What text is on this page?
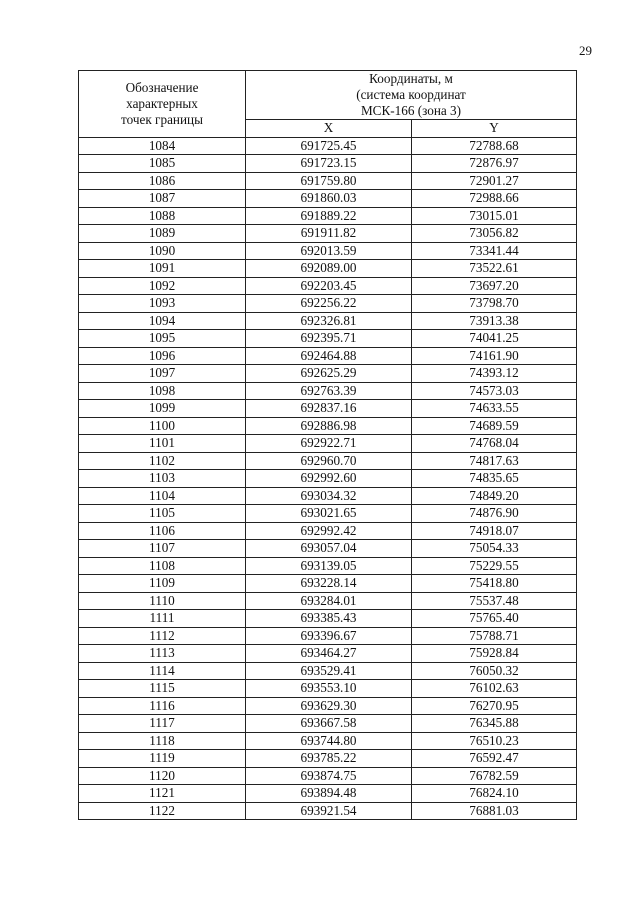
29
Обозначение
характерных
точек границы	Координаты, м
(система координат
МСК-166 (зона 3)	

	X	Y
1084	691725.45	72788.68
1085	691723.15	72876.97
1086	691759.80	72901.27
1087	691860.03	72988.66
1088	691889.22	73015.01
1089	691911.82	73056.82
1090	692013.59	73341.44
1091	692089.00	73522.61
1092	692203.45	73697.20
1093	692256.22	73798.70
1094	692326.81	73913.38
1095	692395.71	74041.25
1096	692464.88	74161.90
1097	692625.29	74393.12
1098	692763.39	74573.03
1099	692837.16	74633.55
1100	692886.98	74689.59
1101	692922.71	74768.04
1102	692960.70	74817.63
1103	692992.60	74835.65
1104	693034.32	74849.20
1105	693021.65	74876.90
1106	692992.42	74918.07
1107	693057.04	75054.33
1108	693139.05	75229.55
1109	693228.14	75418.80
1110	693284.01	75537.48
1111	693385.43	75765.40
1112	693396.67	75788.71
1113	693464.27	75928.84
1114	693529.41	76050.32
1115	693553.10	76102.63
1116	693629.30	76270.95
1117	693667.58	76345.88
1118	693744.80	76510.23
1119	693785.22	76592.47
1120	693874.75	76782.59
1121	693894.48	76824.10
1122	693921.54	76881.03
